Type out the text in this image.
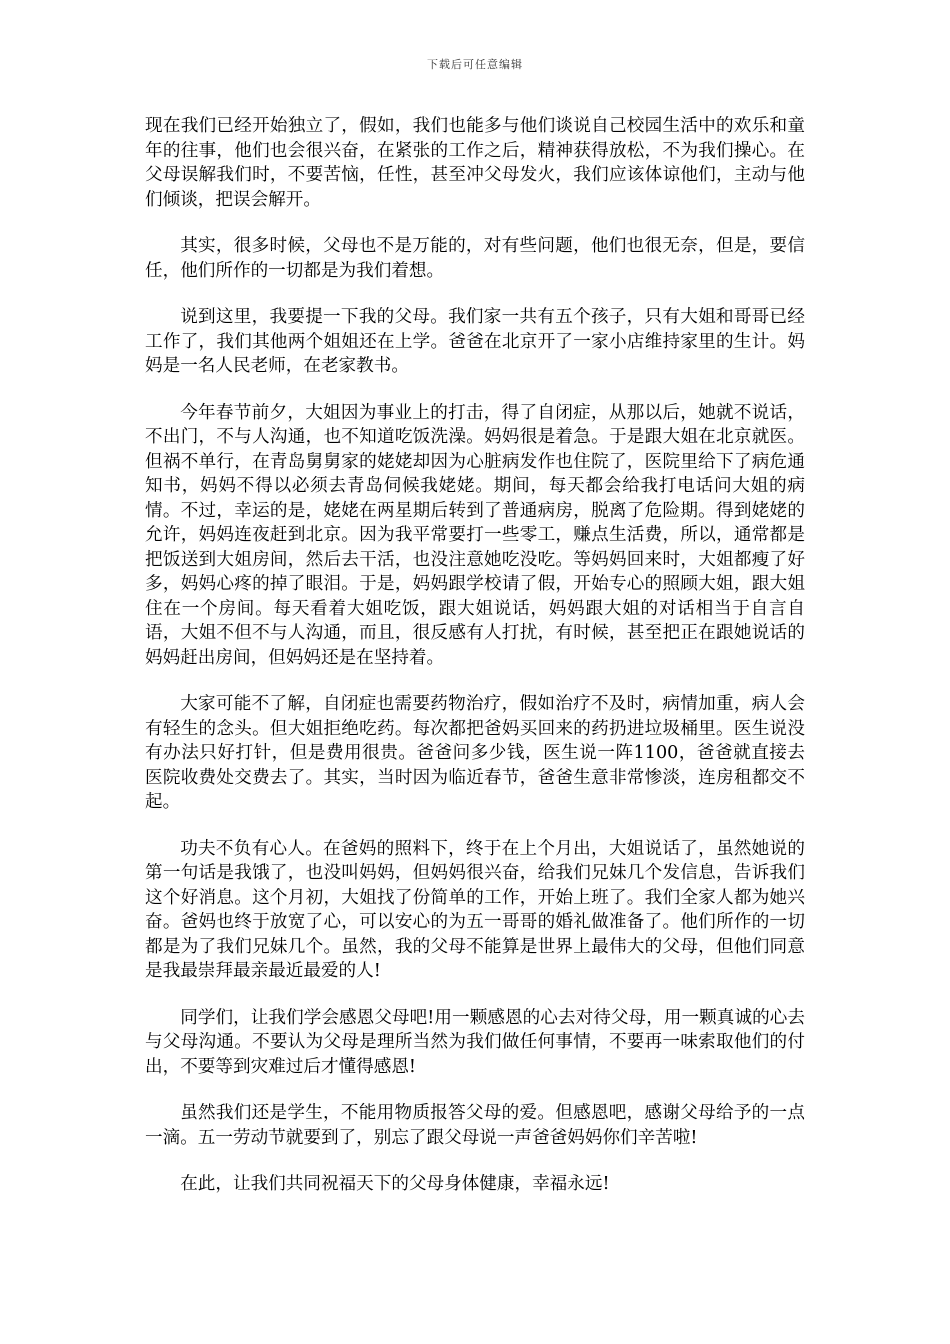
下载后可任意编辑

现在我们已经开始独立了，假如，我们也能多与他们谈说自己校园生活中的欢乐和童年的往事，他们也会很兴奋，在紧张的工作之后，精神获得放松，不为我们操心。在父母误解我们时，不要苦恼，任性，甚至冲父母发火，我们应该体谅他们，主动与他们倾谈，把误会解开。

其实，很多时候，父母也不是万能的，对有些问题，他们也很无奈，但是，要信任，他们所作的一切都是为我们着想。

说到这里，我要提一下我的父母。我们家一共有五个孩子，只有大姐和哥哥已经工作了，我们其他两个姐姐还在上学。爸爸在北京开了一家小店维持家里的生计。妈妈是一名人民老师，在老家教书。

今年春节前夕，大姐因为事业上的打击，得了自闭症，从那以后，她就不说话，不出门，不与人沟通，也不知道吃饭洗澡。妈妈很是着急。于是跟大姐在北京就医。但祸不单行，在青岛舅舅家的姥姥却因为心脏病发作也住院了，医院里给下了病危通知书，妈妈不得以必须去青岛伺候我姥姥。期间，每天都会给我打电话问大姐的病情。不过，幸运的是，姥姥在两星期后转到了普通病房，脱离了危险期。得到姥姥的允许，妈妈连夜赶到北京。因为我平常要打一些零工，赚点生活费，所以，通常都是把饭送到大姐房间，然后去干活，也没注意她吃没吃。等妈妈回来时，大姐都瘦了好多，妈妈心疼的掉了眼泪。于是，妈妈跟学校请了假，开始专心的照顾大姐，跟大姐住在一个房间。每天看着大姐吃饭，跟大姐说话，妈妈跟大姐的对话相当于自言自语，大姐不但不与人沟通，而且，很反感有人打扰，有时候，甚至把正在跟她说话的妈妈赶出房间，但妈妈还是在坚持着。

大家可能不了解，自闭症也需要药物治疗，假如治疗不及时，病情加重，病人会有轻生的念头。但大姐拒绝吃药。每次都把爸妈买回来的药扔进垃圾桶里。医生说没有办法只好打针，但是费用很贵。爸爸问多少钱，医生说一阵1100，爸爸就直接去医院收费处交费去了。其实，当时因为临近春节，爸爸生意非常惨淡，连房租都交不起。

功夫不负有心人。在爸妈的照料下，终于在上个月出，大姐说话了，虽然她说的第一句话是我饿了，也没叫妈妈，但妈妈很兴奋，给我们兄妹几个发信息，告诉我们这个好消息。这个月初，大姐找了份简单的工作，开始上班了。我们全家人都为她兴奋。爸妈也终于放宽了心，可以安心的为五一哥哥的婚礼做准备了。他们所作的一切都是为了我们兄妹几个。虽然，我的父母不能算是世界上最伟大的父母，但他们同意是我最崇拜最亲最近最爱的人!

同学们，让我们学会感恩父母吧!用一颗感恩的心去对待父母，用一颗真诚的心去与父母沟通。不要认为父母是理所当然为我们做任何事情，不要再一味索取他们的付出，不要等到灾难过后才懂得感恩!

虽然我们还是学生，不能用物质报答父母的爱。但感恩吧，感谢父母给予的一点一滴。五一劳动节就要到了，别忘了跟父母说一声爸爸妈妈你们辛苦啦!

在此，让我们共同祝福天下的父母身体健康，幸福永远!
